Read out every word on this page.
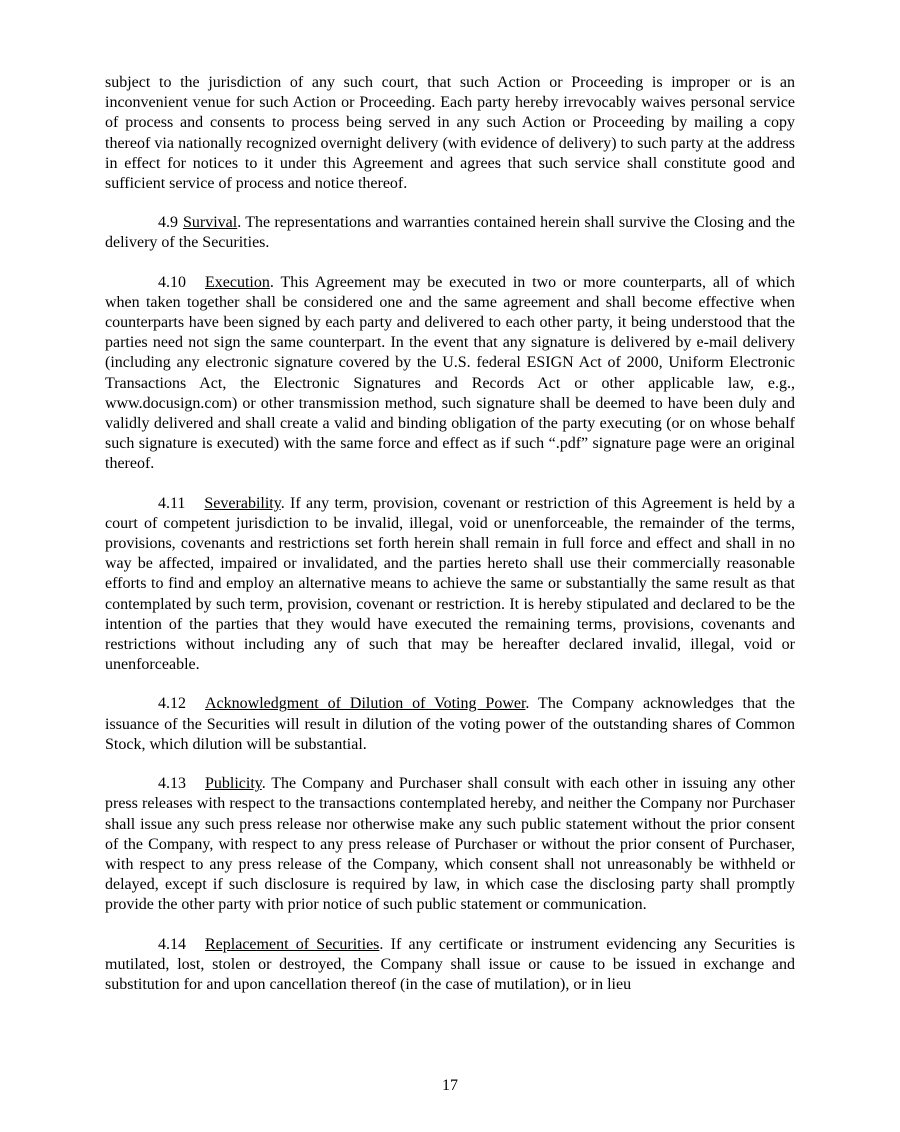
subject to the jurisdiction of any such court, that such Action or Proceeding is improper or is an inconvenient venue for such Action or Proceeding. Each party hereby irrevocably waives personal service of process and consents to process being served in any such Action or Proceeding by mailing a copy thereof via nationally recognized overnight delivery (with evidence of delivery) to such party at the address in effect for notices to it under this Agreement and agrees that such service shall constitute good and sufficient service of process and notice thereof.

4.9 Survival. The representations and warranties contained herein shall survive the Closing and the delivery of the Securities.

4.10 Execution. This Agreement may be executed in two or more counterparts, all of which when taken together shall be considered one and the same agreement and shall become effective when counterparts have been signed by each party and delivered to each other party, it being understood that the parties need not sign the same counterpart. In the event that any signature is delivered by e-mail delivery (including any electronic signature covered by the U.S. federal ESIGN Act of 2000, Uniform Electronic Transactions Act, the Electronic Signatures and Records Act or other applicable law, e.g., www.docusign.com) or other transmission method, such signature shall be deemed to have been duly and validly delivered and shall create a valid and binding obligation of the party executing (or on whose behalf such signature is executed) with the same force and effect as if such “.pdf” signature page were an original thereof.

4.11 Severability. If any term, provision, covenant or restriction of this Agreement is held by a court of competent jurisdiction to be invalid, illegal, void or unenforceable, the remainder of the terms, provisions, covenants and restrictions set forth herein shall remain in full force and effect and shall in no way be affected, impaired or invalidated, and the parties hereto shall use their commercially reasonable efforts to find and employ an alternative means to achieve the same or substantially the same result as that contemplated by such term, provision, covenant or restriction. It is hereby stipulated and declared to be the intention of the parties that they would have executed the remaining terms, provisions, covenants and restrictions without including any of such that may be hereafter declared invalid, illegal, void or unenforceable.

4.12 Acknowledgment of Dilution of Voting Power. The Company acknowledges that the issuance of the Securities will result in dilution of the voting power of the outstanding shares of Common Stock, which dilution will be substantial.

4.13 Publicity. The Company and Purchaser shall consult with each other in issuing any other press releases with respect to the transactions contemplated hereby, and neither the Company nor Purchaser shall issue any such press release nor otherwise make any such public statement without the prior consent of the Company, with respect to any press release of Purchaser or without the prior consent of Purchaser, with respect to any press release of the Company, which consent shall not unreasonably be withheld or delayed, except if such disclosure is required by law, in which case the disclosing party shall promptly provide the other party with prior notice of such public statement or communication.

4.14 Replacement of Securities. If any certificate or instrument evidencing any Securities is mutilated, lost, stolen or destroyed, the Company shall issue or cause to be issued in exchange and substitution for and upon cancellation thereof (in the case of mutilation), or in lieu

17
